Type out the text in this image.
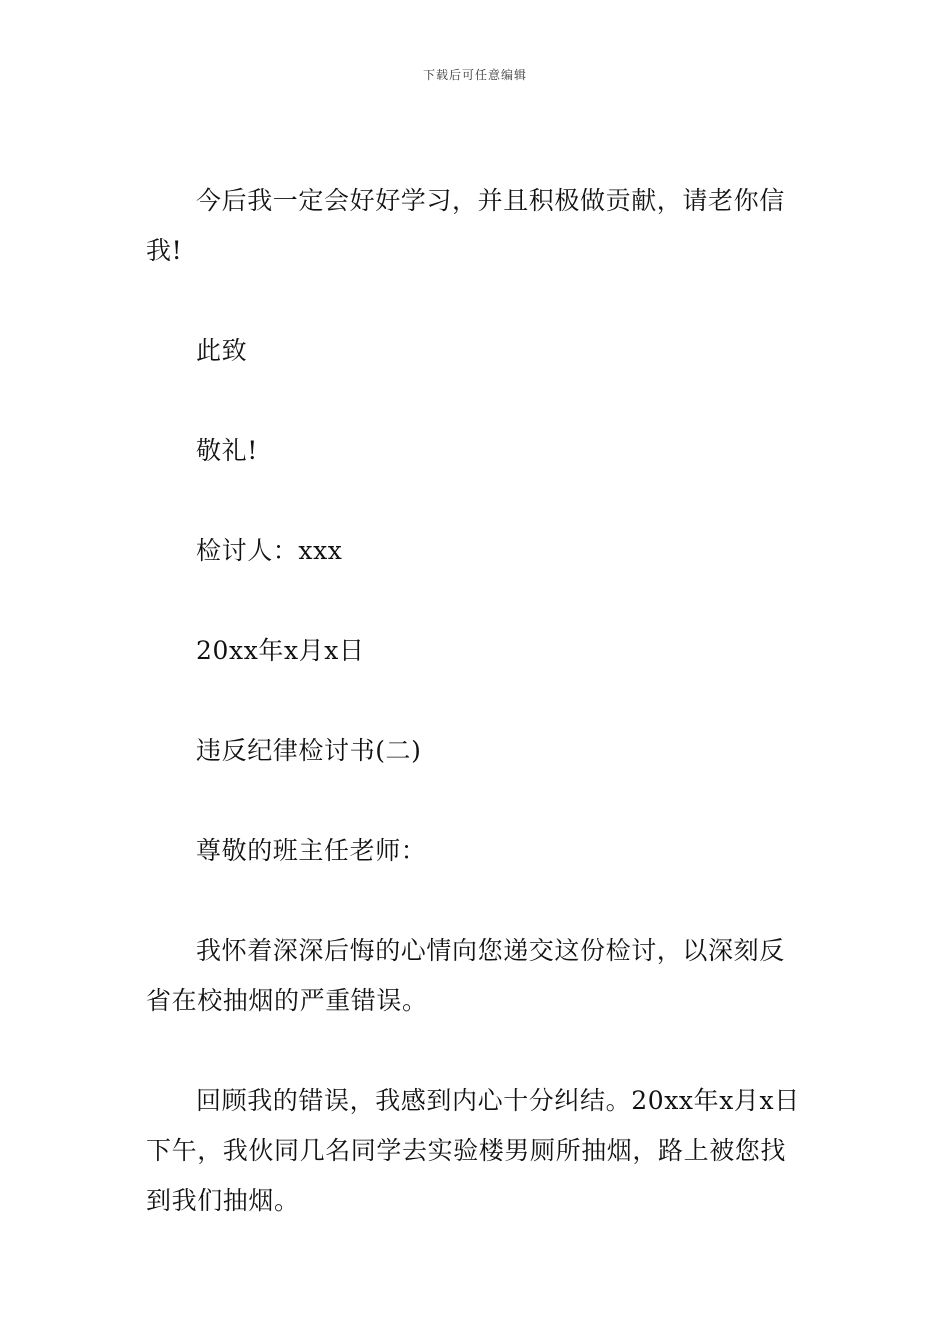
下载后可任意编辑

今后我一定会好好学习，并且积极做贡献，请老你信我!

此致

敬礼!

检讨人：xxx

20xx年x月x日

违反纪律检讨书(二)

尊敬的班主任老师：

我怀着深深后悔的心情向您递交这份检讨，以深刻反省在校抽烟的严重错误。

回顾我的错误，我感到内心十分纠结。20xx年x月x日下午，我伙同几名同学去实验楼男厕所抽烟，路上被您找到我们抽烟。
